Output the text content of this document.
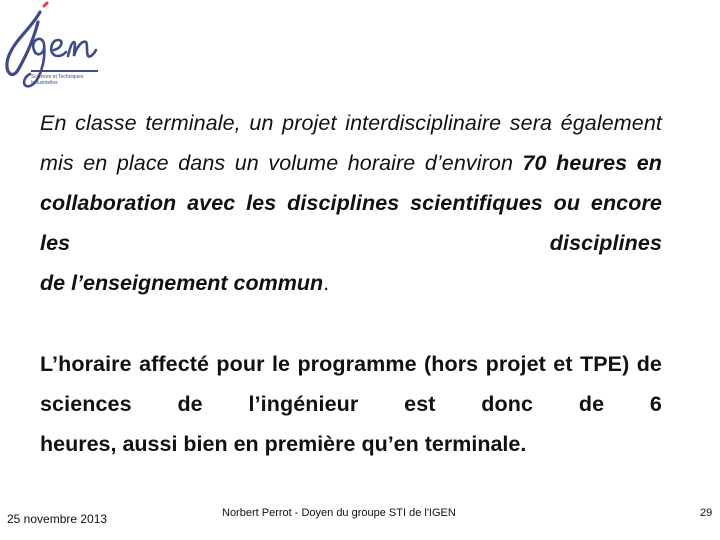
Sciences et Techniques Industrielles
En classe terminale, un projet interdisciplinaire sera également mis en place dans un volume horaire d’environ 70 heures en collaboration avec les disciplines scientifiques ou encore les disciplines
de l’enseignement commun.
L’horaire affecté pour le programme (hors projet et TPE) de sciences de l’ingénieur est donc de 6
heures, aussi bien en première qu’en terminale.
25 novembre 2013	Norbert Perrot - Doyen du groupe STI de l'IGEN	29
